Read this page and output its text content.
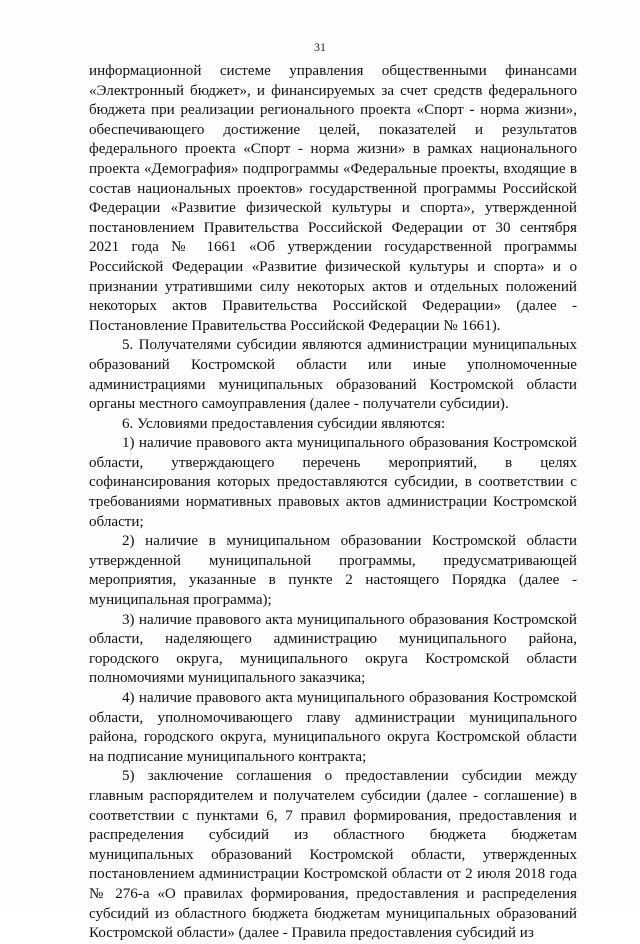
31

информационной системе управления общественными финансами «Электронный бюджет», и финансируемых за счет средств федерального бюджета при реализации регионального проекта «Спорт - норма жизни», обеспечивающего достижение целей, показателей и результатов федерального проекта «Спорт - норма жизни» в рамках национального проекта «Демография» подпрограммы «Федеральные проекты, входящие в состав национальных проектов» государственной программы Российской Федерации «Развитие физической культуры и спорта», утвержденной постановлением Правительства Российской Федерации от 30 сентября 2021 года № 1661 «Об утверждении государственной программы Российской Федерации «Развитие физической культуры и спорта» и о признании утратившими силу некоторых актов и отдельных положений некоторых актов Правительства Российской Федерации» (далее - Постановление Правительства Российской Федерации № 1661).

5. Получателями субсидии являются администрации муниципальных образований Костромской области или иные уполномоченные администрациями муниципальных образований Костромской области органы местного самоуправления (далее - получатели субсидии).

6. Условиями предоставления субсидии являются:

1) наличие правового акта муниципального образования Костромской области, утверждающего перечень мероприятий, в целях софинансирования которых предоставляются субсидии, в соответствии с требованиями нормативных правовых актов администрации Костромской области;

2) наличие в муниципальном образовании Костромской области утвержденной муниципальной программы, предусматривающей мероприятия, указанные в пункте 2 настоящего Порядка (далее - муниципальная программа);

3) наличие правового акта муниципального образования Костромской области, наделяющего администрацию муниципального района, городского округа, муниципального округа Костромской области полномочиями муниципального заказчика;

4) наличие правового акта муниципального образования Костромской области, уполномочивающего главу администрации муниципального района, городского округа, муниципального округа Костромской области на подписание муниципального контракта;

5) заключение соглашения о предоставлении субсидии между главным распорядителем и получателем субсидии (далее - соглашение) в соответствии с пунктами 6, 7 правил формирования, предоставления и распределения субсидий из областного бюджета бюджетам муниципальных образований Костромской области, утвержденных постановлением администрации Костромской области от 2 июля 2018 года № 276-а «О правилах формирования, предоставления и распределения субсидий из областного бюджета бюджетам муниципальных образований Костромской области» (далее - Правила предоставления субсидий из
